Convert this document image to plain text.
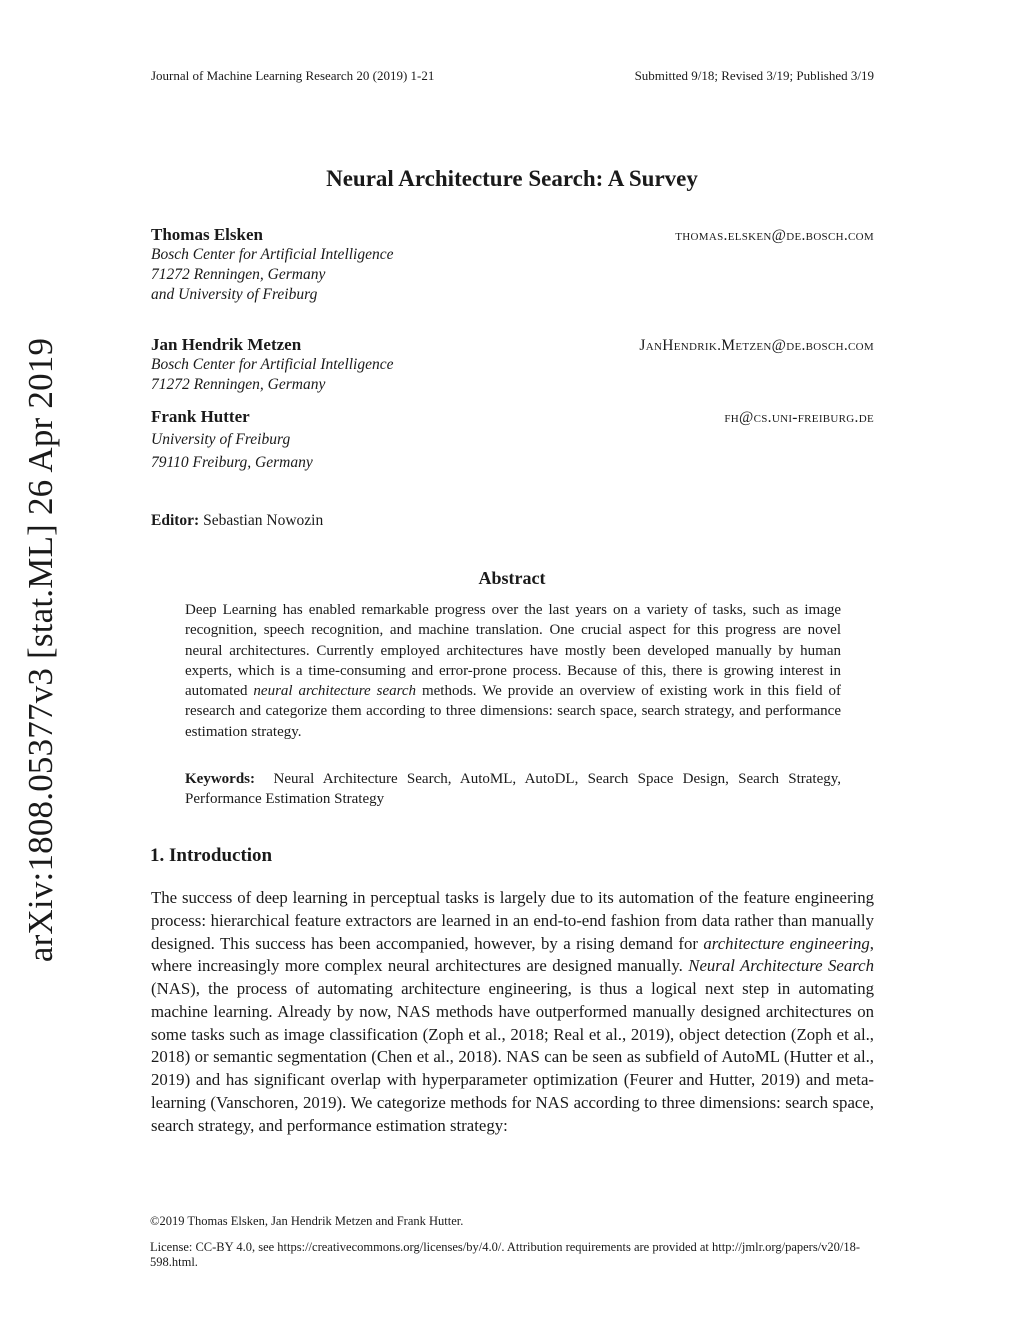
Journal of Machine Learning Research 20 (2019) 1-21	Submitted 9/18; Revised 3/19; Published 3/19
arXiv:1808.05377v3 [stat.ML] 26 Apr 2019
Neural Architecture Search: A Survey
Thomas Elsken	thomas.elsken@de.bosch.com
Bosch Center for Artificial Intelligence
71272 Renningen, Germany
and University of Freiburg
Jan Hendrik Metzen	JanHendrik.Metzen@de.bosch.com
Bosch Center for Artificial Intelligence
71272 Renningen, Germany
Frank Hutter	fh@cs.uni-freiburg.de
University of Freiburg
79110 Freiburg, Germany
Editor: Sebastian Nowozin
Abstract

Deep Learning has enabled remarkable progress over the last years on a variety of tasks, such as image recognition, speech recognition, and machine translation. One crucial aspect for this progress are novel neural architectures. Currently employed architectures have mostly been developed manually by human experts, which is a time-consuming and error-prone process. Because of this, there is growing interest in automated neural architecture search methods. We provide an overview of existing work in this field of research and categorize them according to three dimensions: search space, search strategy, and performance estimation strategy.

Keywords: Neural Architecture Search, AutoML, AutoDL, Search Space Design, Search Strategy, Performance Estimation Strategy
1. Introduction

The success of deep learning in perceptual tasks is largely due to its automation of the feature engineering process: hierarchical feature extractors are learned in an end-to-end fashion from data rather than manually designed. This success has been accompanied, however, by a rising demand for architecture engineering, where increasingly more complex neural architectures are designed manually. Neural Architecture Search (NAS), the process of automating architecture engineering, is thus a logical next step in automating machine learning. Already by now, NAS methods have outperformed manually designed architectures on some tasks such as image classification (Zoph et al., 2018; Real et al., 2019), object detection (Zoph et al., 2018) or semantic segmentation (Chen et al., 2018). NAS can be seen as subfield of AutoML (Hutter et al., 2019) and has significant overlap with hyperparameter optimization (Feurer and Hutter, 2019) and meta-learning (Vanschoren, 2019). We categorize methods for NAS according to three dimensions: search space, search strategy, and performance estimation strategy:

©2019 Thomas Elsken, Jan Hendrik Metzen and Frank Hutter.
License: CC-BY 4.0, see https://creativecommons.org/licenses/by/4.0/. Attribution requirements are provided at http://jmlr.org/papers/v20/18-598.html.
